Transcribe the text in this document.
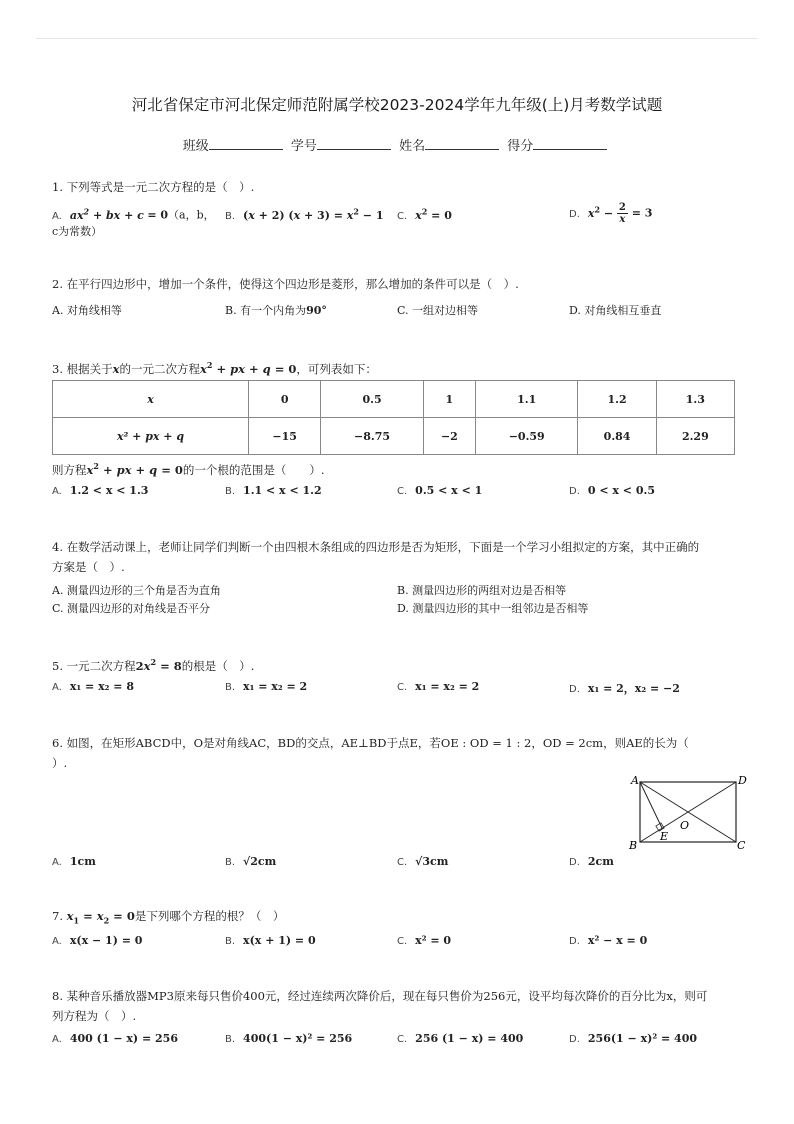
河北省保定市河北保定师范附属学校2023-2024学年九年级(上)月考数学试题
班级	学号	姓名	得分
1. 下列等式是一元二次方程的是（　）.
A. $ax^2$ + bx + c = 0（a，b，
c为常数）
B. (x + 2) $(x + 3) = x^2 - 1$ C. $x^2 = 0$	D. $x^2 - \frac{2}{x} = 3$
2. 在平行四边形中，增加一个条件，使得这个四边形是菱形，那么增加的条件可以是（　）.
A. 对角线相等	B. 有一个内角为90°	C. 一组对边相等	D. 对角线相互垂直
3. 根据关于x的一元二次方程$x^2$ + px + q = 0，可列表如下：
x	0	0.5	1	1.1	1.2	1.3
x² + px + q	−15	−8.75	−2	−0.59	0.84	2.29
则方程$x^2$ + px + q = 0的一个根的范围是（　　）.
A. 1.2 < x < 1.3	B. 1.1 < x < 1.2	C. 0.5 < x < 1	D. 0 < x < 0.5
4. 在数学活动课上，老师让同学们判断一个由四根木条组成的四边形是否为矩形，下面是一个学习小组拟定的方案，其中正确的
方案是（　）.
A. 测量四边形的三个角是否为直角	B. 测量四边形的两组对边是否相等
C. 测量四边形的对角线是否平分	D. 测量四边形的其中一组邻边是否相等
5. 一元二次方程$2x^2 = 8$的根是（　）.
A. x₁ = x₂ = 8	B. x₁ = x₂ = 2	C. x₁ = x₂ = 2	D. x₁ = 2，x₂ = −2
6. 如图，在矩形ABCD中，O是对角线AC，BD的交点，AE⊥BD于点E，若OE : OD = 1 : 2，OD = 2cm，则AE的长为（
）.
A	D
B	C
O
E
A. 1cm	B. √2cm	C. √3cm	D. 2cm
7. $x_1 = x_2 = 0$是下列哪个方程的根？（　）
A. x(x − 1) = 0	B. x(x + 1) = 0	C. x² = 0	D. x² − x = 0
8. 某种音乐播放器MP3原来每只售价400元，经过连续两次降价后，现在每只售价为256元，设平均每次降价的百分比为x，则可
列方程为（　）.
A. 400 (1 − x) = 256	B. 400(1 − x)² = 256	C. 256 (1 − x) = 400	D. 256(1 − x)² = 400
